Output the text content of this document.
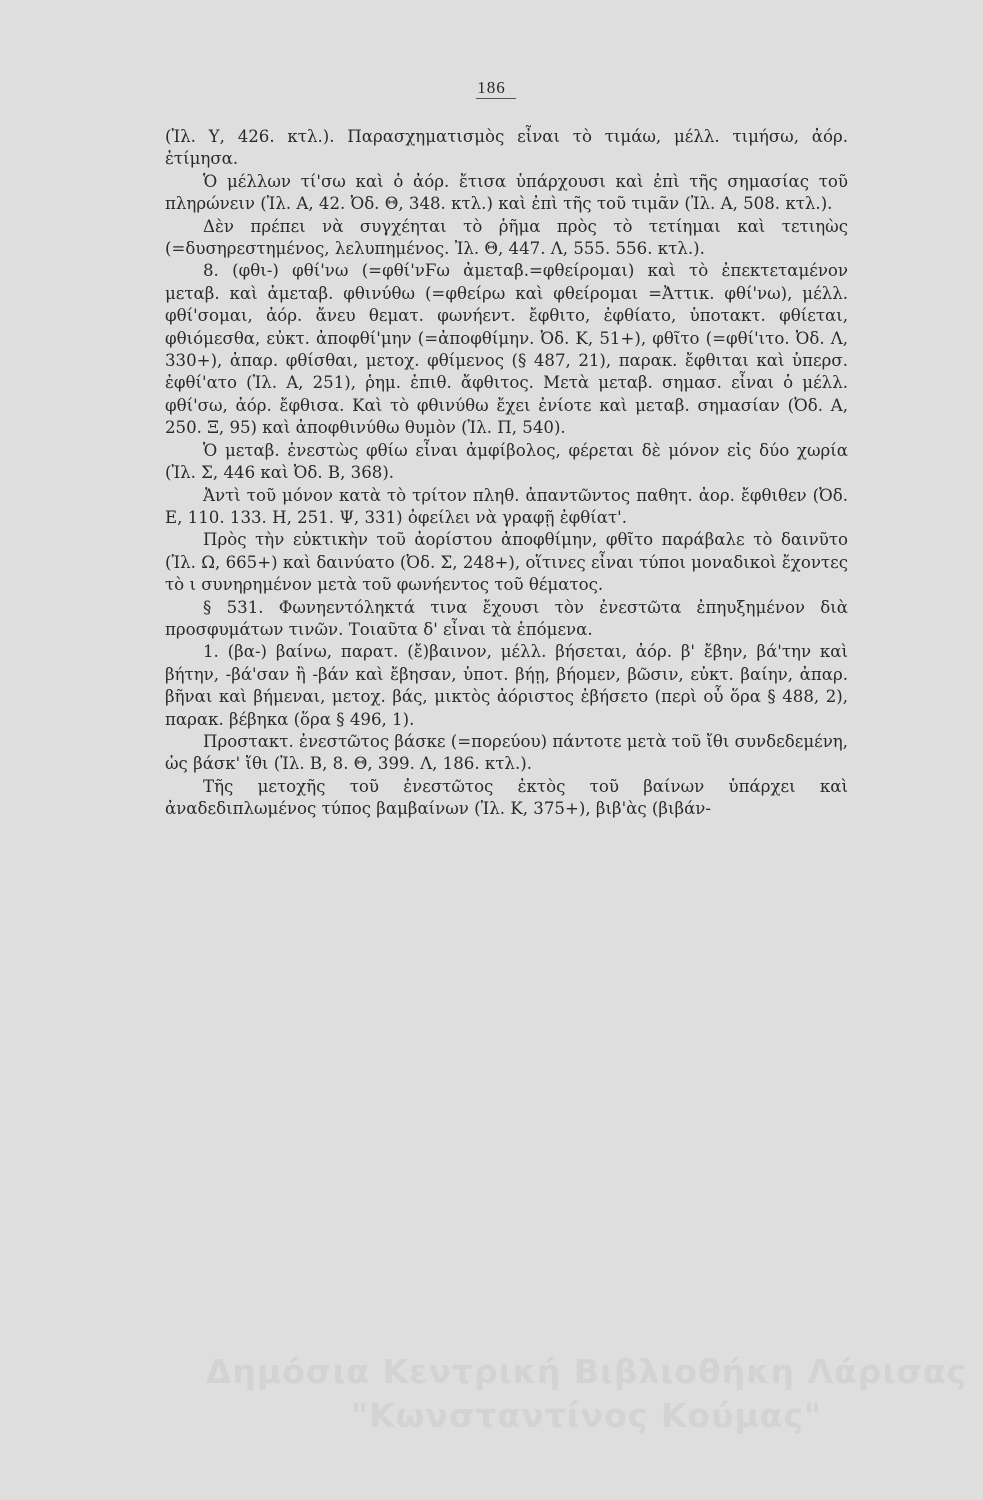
186

(Ἰλ. Υ, 426. κτλ.). Παρασχηματισμὸς εἶναι τὸ τιμάω, μέλλ. τιμήσω, ἀόρ. ἐτίμησα.

Ὁ μέλλων τί'σω καὶ ὁ ἀόρ. ἔτισα ὑπάρχουσι καὶ ἐπὶ τῆς σημασίας τοῦ πληρώνειν (Ἰλ. Α, 42. Ὀδ. Θ, 348. κτλ.) καὶ ἐπὶ τῆς τοῦ τιμᾶν (Ἰλ. Α, 508. κτλ.).

Δὲν πρέπει νὰ συγχέηται τὸ ῥῆμα πρὸς τὸ τετίημαι καὶ τετιηὼς (=δυσηρεστημένος, λελυπημένος. Ἰλ. Θ, 447. Λ, 555. 556. κτλ.).

8. (φθι-) φθί'νω (=φθί'νϜω ἀμεταβ.=φθείρομαι) καὶ τὸ ἐπεκτεταμένον μεταβ. καὶ ἀμεταβ. φθινύθω (=φθείρω καὶ φθείρομαι =Ἀττικ. φθί'νω), μέλλ. φθί'σομαι, ἀόρ. ἄνευ θεματ. φωνήεντ. ἔφθιτο, ἐφθίατο, ὑποτακτ. φθίεται, φθιόμεσθα, εὐκτ. ἀποφθί'μην (=ἀποφθίμην. Ὀδ. Κ, 51+), φθῖτο (=φθί'ιτο. Ὀδ. Λ, 330+), ἀπαρ. φθίσθαι, μετοχ. φθίμενος (§ 487, 21), παρακ. ἔφθιται καὶ ὑπερσ. ἐφθί'ατο (Ἰλ. Α, 251), ῥημ. ἐπιθ. ἄφθιτος. Μετὰ μεταβ. σημασ. εἶναι ὁ μέλλ. φθί'σω, ἀόρ. ἔφθισα. Καὶ τὸ φθινύθω ἔχει ἐνίοτε καὶ μεταβ. σημασίαν (Ὀδ. Α, 250. Ξ, 95) καὶ ἀποφθινύθω θυμὸν (Ἰλ. Π, 540).

Ὁ μεταβ. ἐνεστὼς φθίω εἶναι ἀμφίβολος, φέρεται δὲ μόνον εἰς δύο χωρία (Ἰλ. Σ, 446 καὶ Ὀδ. Β, 368).

Ἀντὶ τοῦ μόνον κατὰ τὸ τρίτον πληθ. ἀπαντῶντος παθητ. ἀορ. ἔφθιθεν (Ὀδ. Ε, 110. 133. Η, 251. Ψ, 331) ὀφείλει νὰ γραφῇ ἐφθίατ'.

Πρὸς τὴν εὐκτικὴν τοῦ ἀορίστου ἀποφθίμην, φθῖτο παράβαλε τὸ δαινῦτο (Ἰλ. Ω, 665+) καὶ δαινύατο (Ὀδ. Σ, 248+), οἵτινες εἶναι τύποι μοναδικοὶ ἔχοντες τὸ ι συνηρημένον μετὰ τοῦ φωνήεντος τοῦ θέματος.

§ 531. Φωνηεντόληκτά τινα ἔχουσι τὸν ἐνεστῶτα ἐπηυξημένον διὰ προσφυμάτων τινῶν. Τοιαῦτα δ' εἶναι τὰ ἑπόμενα.

1. (βα-) βαίνω, παρατ. (ἔ)βαινον, μέλλ. βήσεται, ἀόρ. β' ἔβην, βά'την καὶ βήτην, -βά'σαν ἢ -βάν καὶ ἔβησαν, ὑποτ. βήῃ, βήομεν, βῶσιν, εὐκτ. βαίην, ἀπαρ. βῆναι καὶ βήμεναι, μετοχ. βάς, μικτὸς ἀόριστος ἐβήσετο (περὶ οὗ ὅρα § 488, 2), παρακ. βέβηκα (ὅρα § 496, 1).

Προστακτ. ἐνεστῶτος βάσκε (=πορεύου) πάντοτε μετὰ τοῦ ἴθι συνδεδεμένη, ὡς βάσκ' ἴθι (Ἰλ. Β, 8. Θ, 399. Λ, 186. κτλ.).

Τῆς μετοχῆς τοῦ ἐνεστῶτος ἐκτὸς τοῦ βαίνων ὑπάρχει καὶ ἀναδεδιπλωμένος τύπος βαμβαίνων (Ἰλ. Κ, 375+), βιβ'ὰς (βιβάν-

Δημόσια Κεντρική Βιβλιοθήκη Λάρισας
"Κωνσταντίνος Κούμας"
